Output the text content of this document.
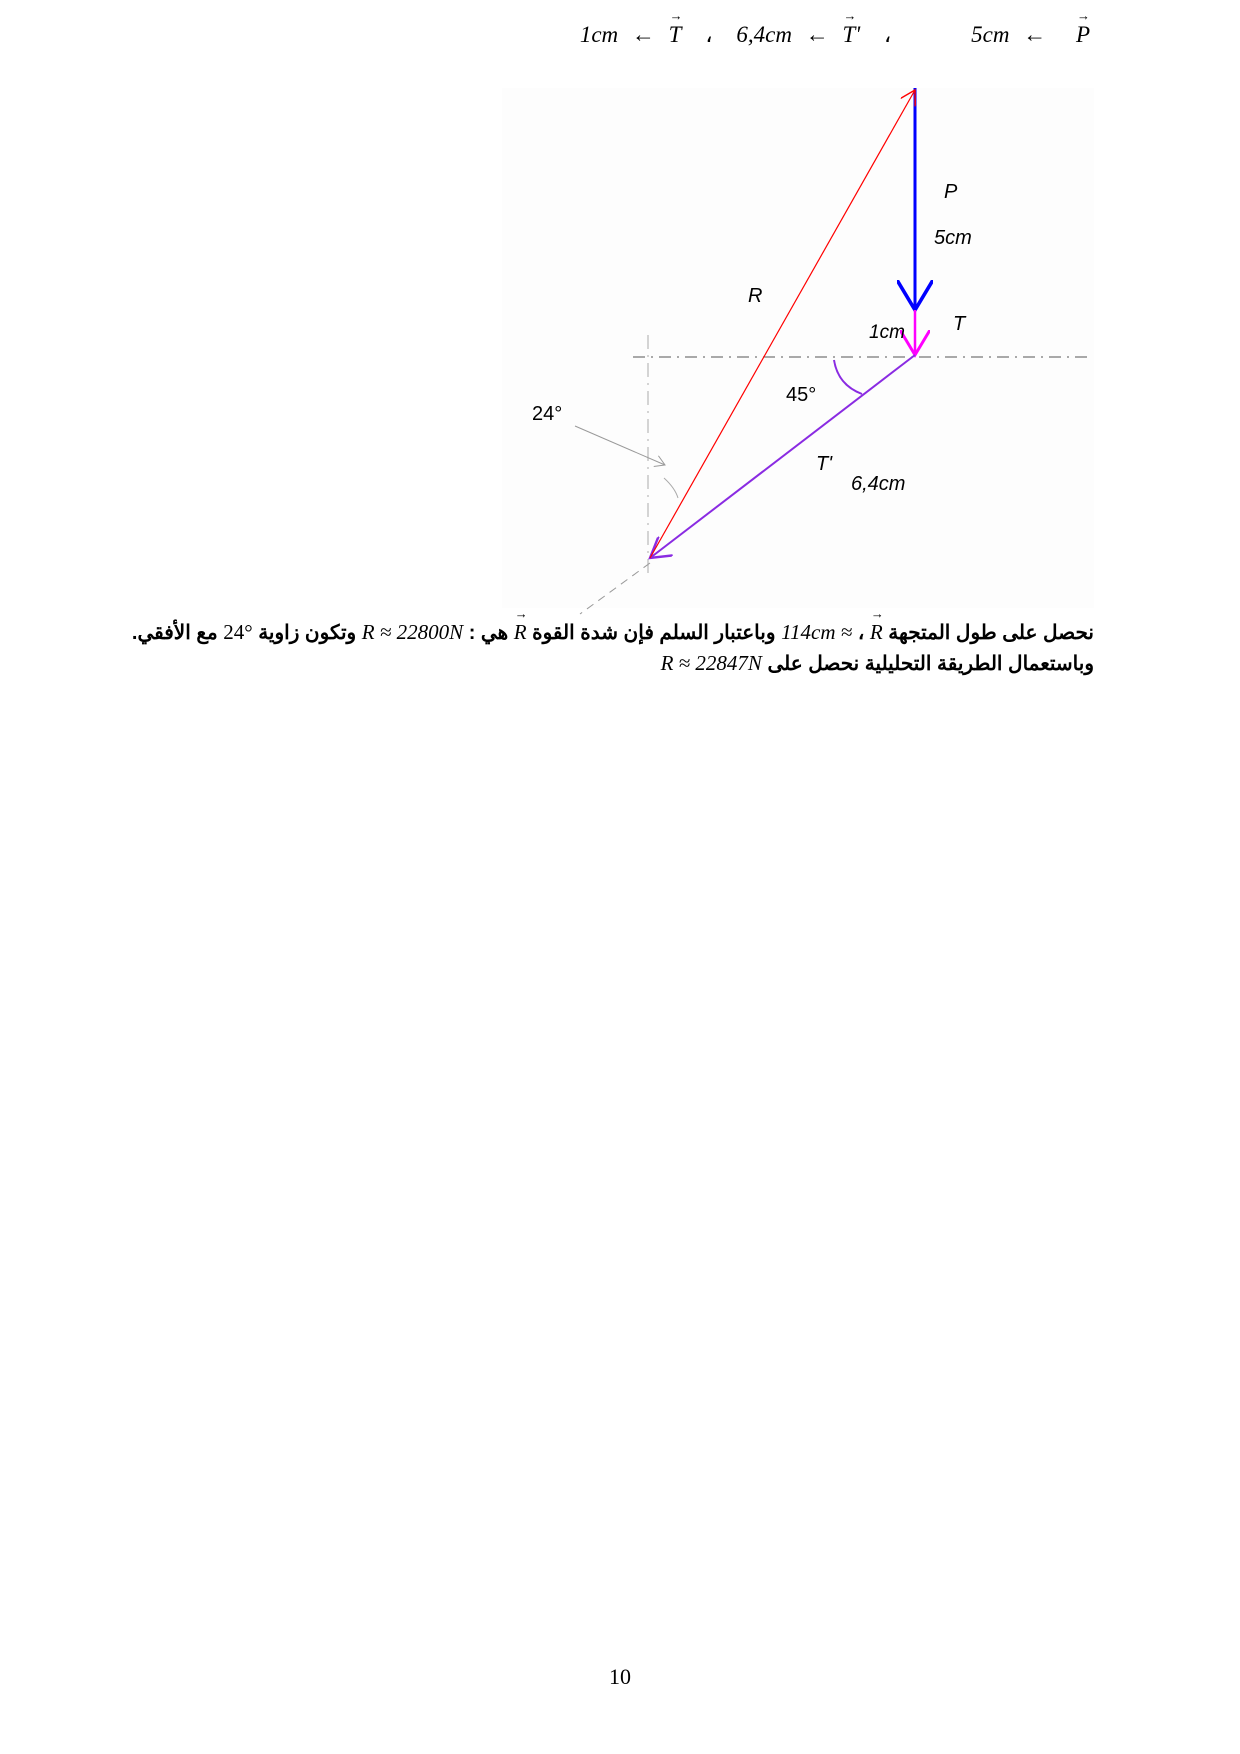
1cm ← → T ، 6,4cm ← → T' ،	5cm ← → P
P
5cm
T
1cm
R
T'
6,4cm
45°
24°
نحصل على طول المتجهة → R ، 114cm ≈ وباعتبار السلم فإن شدة القوة → R هي : R ≈ 22800N وتكون زاوية 24° مع الأفقي.
وباستعمال الطريقة التحليلية نحصل على R ≈ 22847N
10
